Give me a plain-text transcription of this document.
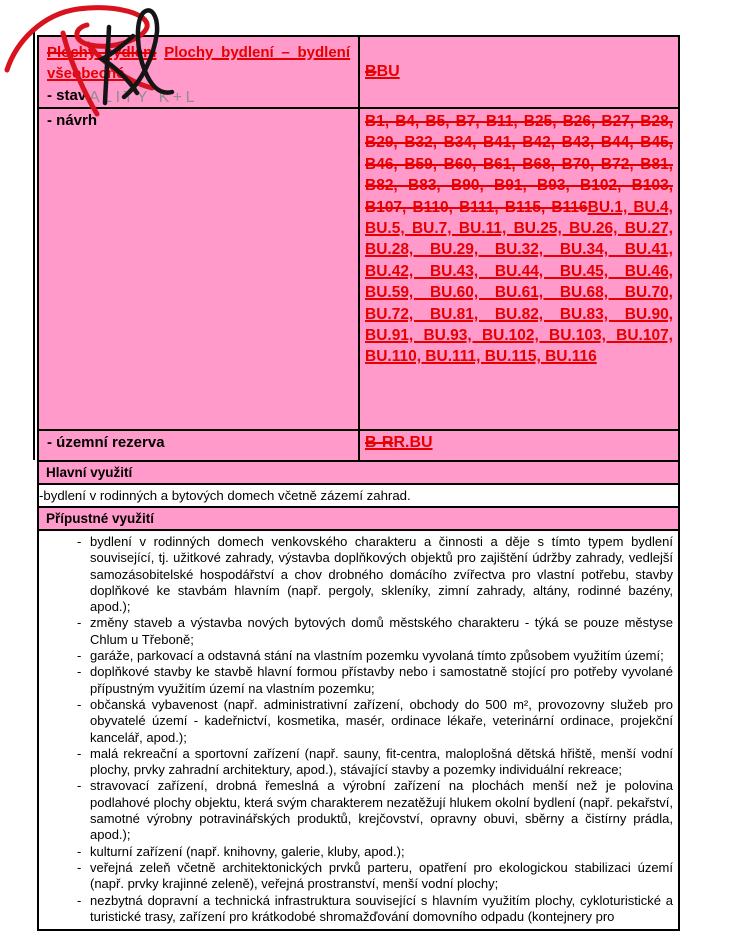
Plochy bydlení Plochy bydlení – bydlení všeobecné

ALITY K+L
- stav
BBU
- návrh	B1, B4, B5, B7, B11, B25, B26, B27, B28, B29, B32, B34, B41, B42, B43, B44, B45, B46, B59, B60, B61, B68, B70, B72, B81, B82, B83, B90, B91, B93, B102, B103, B107, B110, B111, B115, B116BU.1, BU.4, BU.5, BU.7, BU.11, BU.25, BU.26, BU.27, BU.28, BU.29, BU.32, BU.34, BU.41, BU.42, BU.43, BU.44, BU.45, BU.46, BU.59, BU.60, BU.61, BU.68, BU.70, BU.72, BU.81, BU.82, BU.83, BU.90, BU.91, BU.93, BU.102, BU.103, BU.107, BU.110, BU.111, BU.115, BU.116
- územní rezerva	B-RR.BU
Hlavní využití
- bydlení v rodinných a bytových domech včetně zázemí zahrad.
Přípustné využití
- bydlení v rodinných domech venkovského charakteru a činnosti a děje s tímto typem bydlení související, tj. užitkové zahrady, výstavba doplňkových objektů pro zajištění údržby zahrady, vedlejší samozásobitelské hospodářství a chov drobného domácího zvířectva pro vlastní potřebu, stavby doplňkové ke stavbám hlavním (např. pergoly, skleníky, zimní zahrady, altány, rodinné bazény, apod.);
- změny staveb a výstavba nových bytových domů městského charakteru - týká se pouze městyse Chlum u Třeboně;
- garáže, parkovací a odstavná stání na vlastním pozemku vyvolaná tímto způsobem využitím území;
- doplňkové stavby ke stavbě hlavní formou přístavby nebo i samostatně stojící pro potřeby vyvolané přípustným využitím území na vlastním pozemku;
- občanská vybavenost (např. administrativní zařízení, obchody do 500 m², provozovny služeb pro obyvatelé území - kadeřnictví, kosmetika, masér, ordinace lékaře, veterinární ordinace, projekční kancelář, apod.);
- malá rekreační a sportovní zařízení (např. sauny, fit-centra, maloplošná dětská hřiště, menší vodní plochy, prvky zahradní architektury, apod.), stávající stavby a pozemky individuální rekreace;
- stravovací zařízení, drobná řemeslná a výrobní zařízení na plochách menší než je polovina podlahové plochy objektu, která svým charakterem nezatěžují hlukem okolní bydlení (např. pekařství, samotné výrobny potravinářských produktů, krejčovství, opravny obuvi, sběrny a čistírny prádla, apod.);
- kulturní zařízení (např. knihovny, galerie, kluby, apod.);
- veřejná zeleň včetně architektonických prvků parteru, opatření pro ekologickou stabilizaci území (např. prvky krajinné zeleně), veřejná prostranství, menší vodní plochy;
- nezbytná dopravní a technická infrastruktura související s hlavním využitím plochy, cykloturistické a turistické trasy, zařízení pro krátkodobé shromažďování domovního odpadu (kontejnery pro
